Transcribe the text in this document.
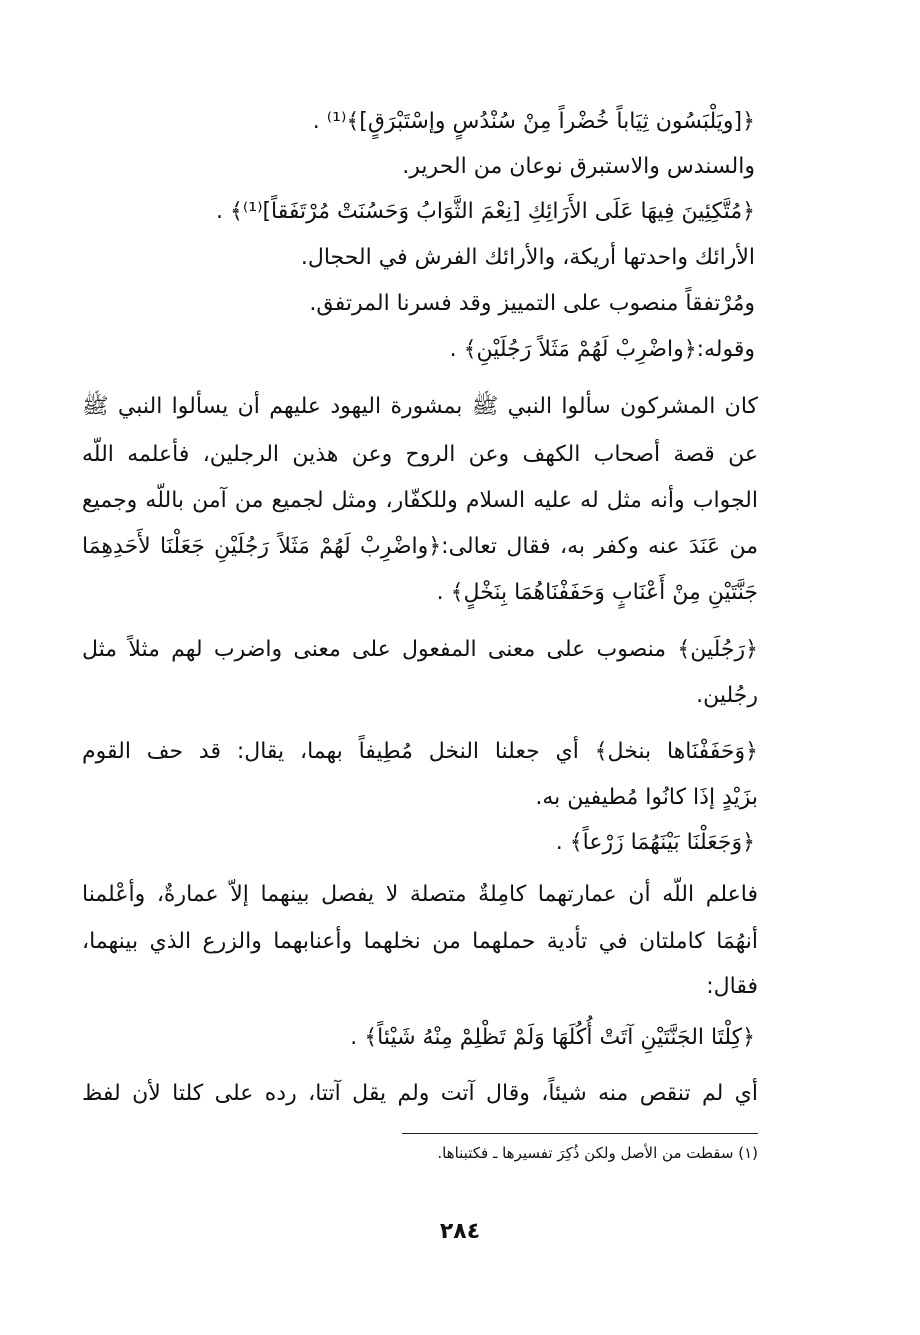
﴿[ويَلْبَسُون ثِيَاباً خُضْراً مِنْ سُنْدُسٍ وإسْتَبْرَقٍ]﴾⁽¹⁾ .
والسندس والاستبرق نوعان من الحرير.
﴿مُتَّكِئِينَ فِيهَا عَلَى الأَرَائِكِ [نِعْمَ الثَّوَابُ وَحَسُنَتْ مُرْتَفَقاً]⁽¹⁾﴾ .
الأرائك واحدتها أريكة، والأرائك الفرش في الحجال.
ومُرْتفقاً منصوب على التمييز وقد فسرنا المرتفق.
وقوله:﴿واضْرِبْ لَهُمْ مَثَلاً رَجُلَيْنِ﴾ .
كان المشركون سألوا النبي ﷺ بمشورة اليهود عليهم أن يسألوا النبي ﷺ
عن قصة أصحاب الكهف وعن الروح وعن هذين الرجلين، فأعلمه اللّه
الجواب وأنه مثل له عليه السلام وللكفّار، ومثل لجميع من آمن باللّه وجميع
من عَنَدَ عنه وكفر به، فقال تعالى:﴿واضْرِبْ لَهُمْ مَثَلاً رَجُلَيْنِ جَعَلْنَا لأَحَدِهِمَا
جَنَّتَيْنِ مِنْ أَعْنَابٍ وَحَفَفْنَاهُمَا بِنَخْلٍ﴾ .
﴿رَجُلَين﴾ منصوب على معنى المفعول على معنى واضرب لهم مثلاً مثل
رجُلين.
﴿وَحَفَفْنَاها بنخل﴾ أي جعلنا النخل مُطِيفاً بهما، يقال: قد حف القوم
بزَيْدٍ إذَا كانُوا مُطيفين به.
﴿وَجَعَلْنَا بَيْنَهُمَا زَرْعاً﴾ .
فاعلم اللّه أن عمارتهما كامِلةٌ متصلة لا يفصل بينهما إلاّ عمارةٌ، وأعْلمنا
أنهُمَا كاملتان في تأدية حملهما من نخلهما وأعنابهما والزرع الذي بينهما،
فقال:
﴿كِلْتَا الجَنَّتَيْنِ آتَتْ أُكُلَهَا وَلَمْ تَظْلِمْ مِنْهُ شَيْئاً﴾ .
أي لم تنقص منه شيئاً، وقال آتت ولم يقل آتتا، رده على كلتا لأن لفظ
(١) سقطت من الأصل ولكن ذُكِرَ تفسيرها ـ فكتبناها.
٢٨٤
